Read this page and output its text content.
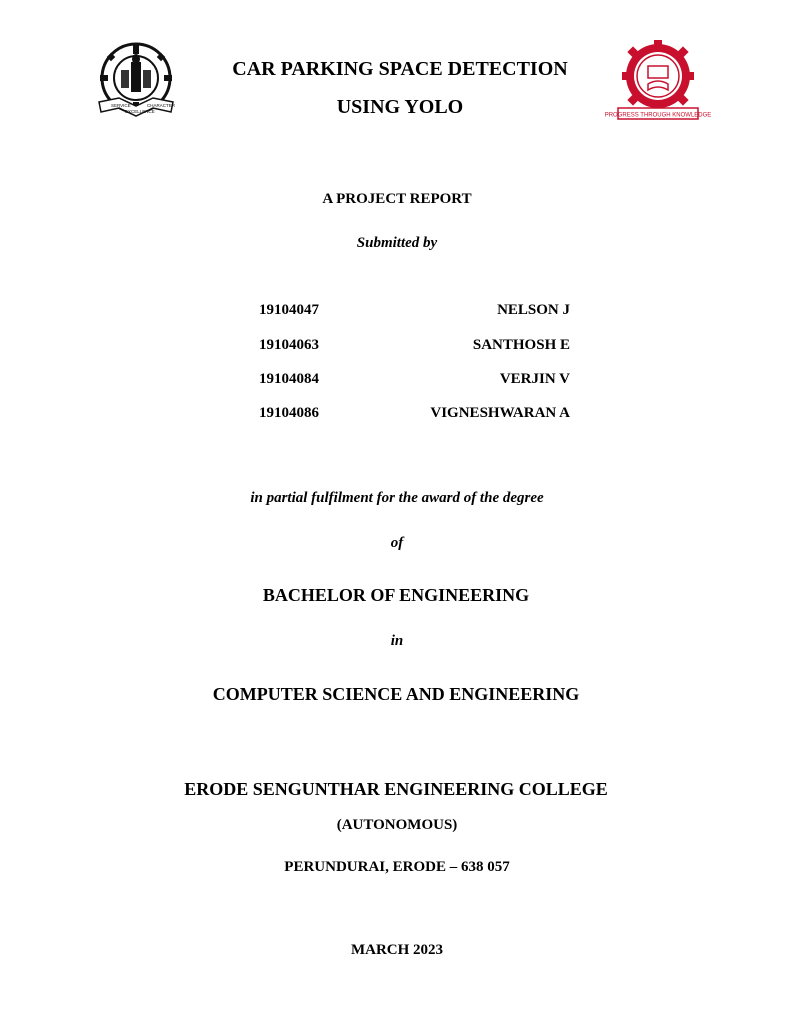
SERVICE
EXCELLENCE
CHARACTER
PROGRESS THROUGH KNOWLEDGE
CAR PARKING SPACE DETECTION
USING YOLO
A PROJECT REPORT
Submitted by
19104047	NELSON J
19104063	SANTHOSH E
19104084	VERJIN V
19104086	VIGNESHWARAN A
in partial fulfilment for the award of the degree
of
BACHELOR OF ENGINEERING
in
COMPUTER SCIENCE AND ENGINEERING
ERODE SENGUNTHAR ENGINEERING COLLEGE
(AUTONOMOUS)
PERUNDURAI, ERODE – 638 057
MARCH 2023
